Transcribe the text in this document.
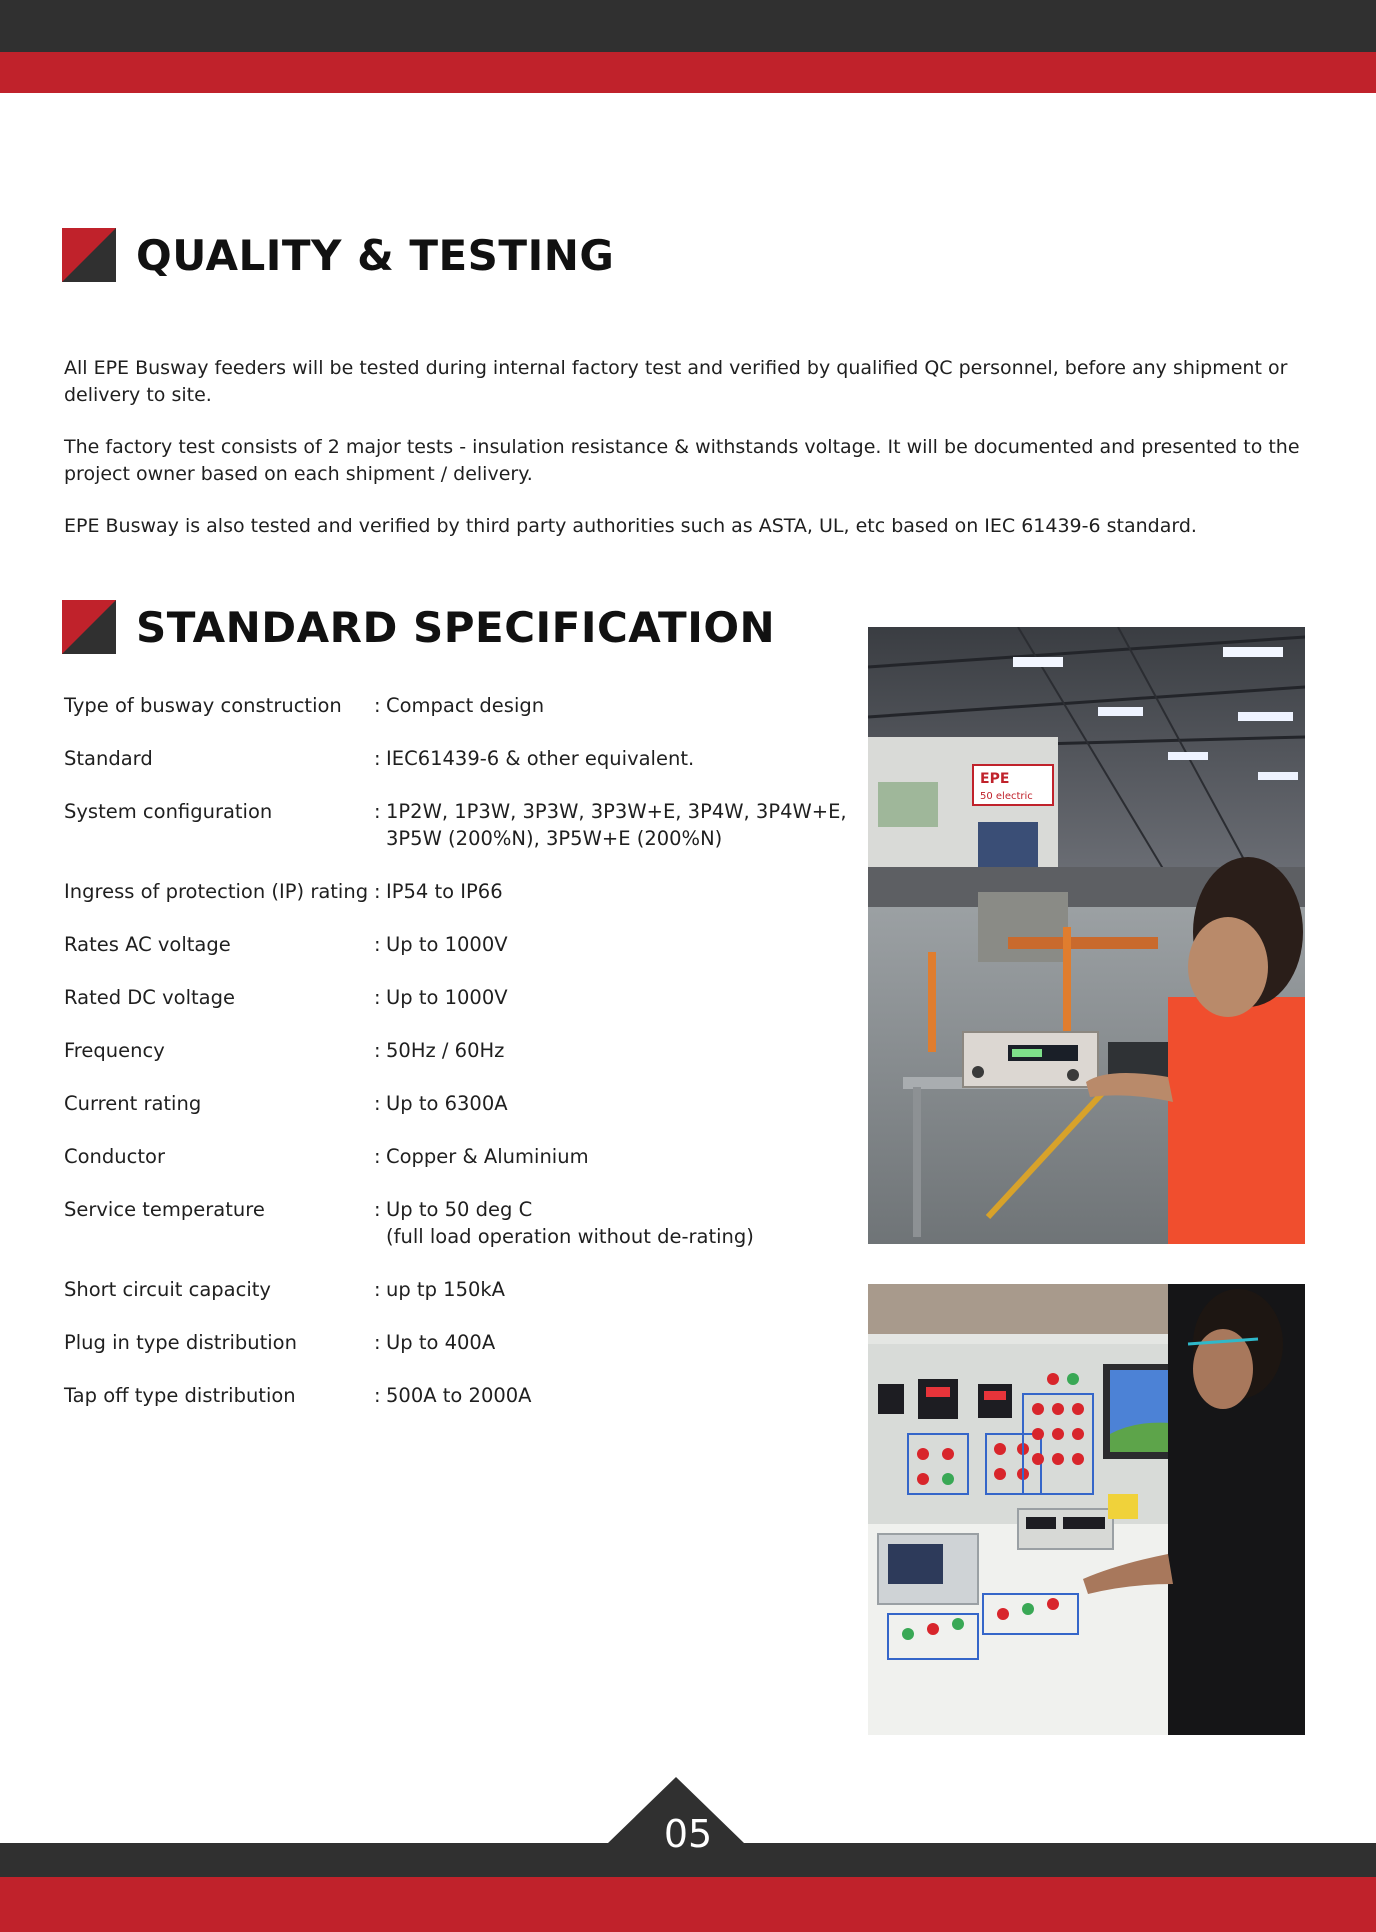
QUALITY & TESTING

All EPE Busway feeders will be tested during internal factory test and verified by qualified QC personnel, before any shipment or delivery to site.

The factory test consists of 2 major tests - insulation resistance & withstands voltage. It will be documented and presented to the project owner based on each shipment / delivery.

EPE Busway is also tested and verified by third party authorities such as ASTA, UL, etc based on IEC 61439-6 standard.

STANDARD SPECIFICATION
Type of busway construction	: Compact design
Standard	: IEC61439-6 & other equivalent.
System configuration	: 1P2W, 1P3W, 3P3W, 3P3W+E, 3P4W, 3P4W+E,
3P5W (200%N), 3P5W+E (200%N)
Ingress of protection (IP) rating : IP54 to IP66
Rates AC voltage	: Up to 1000V
Rated DC voltage	: Up to 1000V
Frequency	: 50Hz / 60Hz
Current rating	: Up to 6300A
Conductor	: Copper & Aluminium
Service temperature	: Up to 50 deg C
(full load operation without de-rating)
Short circuit capacity	: up tp 150kA
Plug in type distribution	: Up to 400A
Tap off type distribution	: 500A to 2000A
EPE
50 electric
05
